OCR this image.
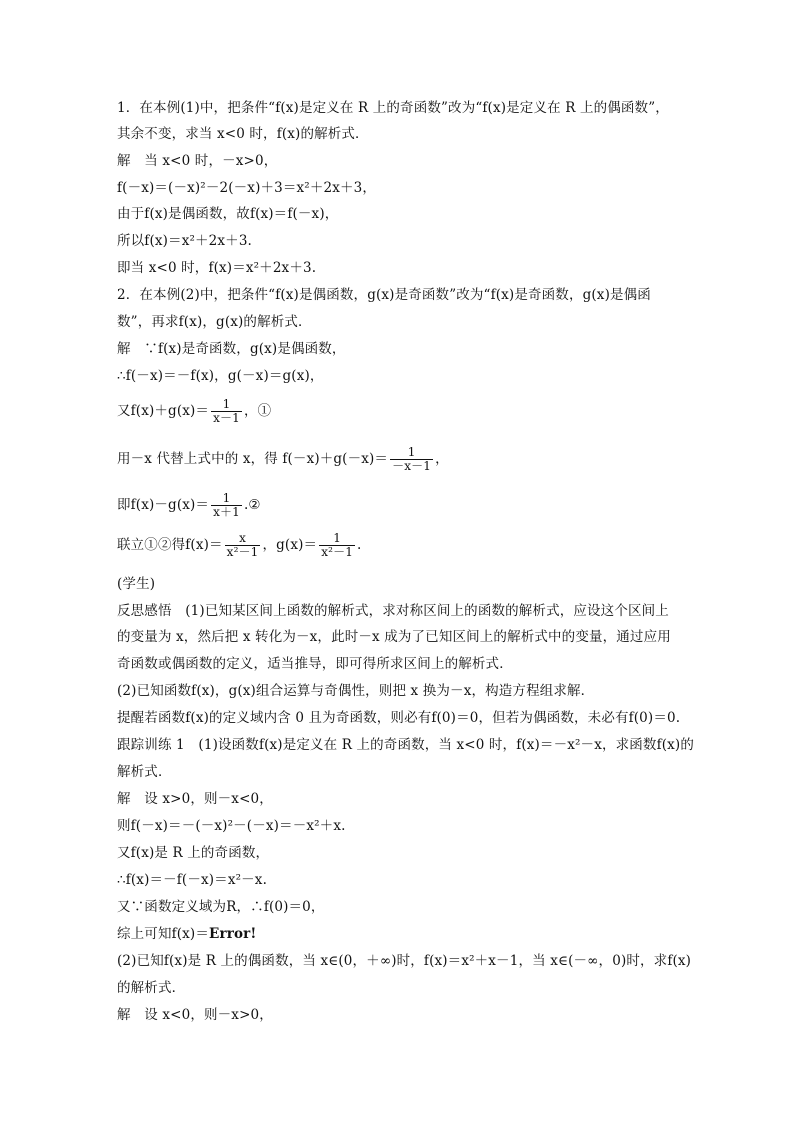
1．在本例(1)中，把条件“f(x)是定义在 R 上的奇函数”改为“f(x)是定义在 R 上的偶函数”，
其余不变，求当 x<0 时，f(x)的解析式．
解　当 x<0 时，－x>0，
f(－x)＝(－x)²－2(－x)＋3＝x²＋2x＋3，
由于f(x)是偶函数，故f(x)＝f(－x)，
所以f(x)＝x²＋2x＋3.
即当 x<0 时，f(x)＝x²＋2x＋3.
2．在本例(2)中，把条件“f(x)是偶函数，g(x)是奇函数”改为“f(x)是奇函数，g(x)是偶函
数”，再求f(x)，g(x)的解析式．
解　∵f(x)是奇函数，g(x)是偶函数，
∴f(－x)＝－f(x)，g(－x)＝g(x)，
又$f(x)+g(x)= \frac{1}{x-1}$ ，①
用－x 代替上式中的 x，得 $f(-x)+g(-x)= \frac{1}{-x-1}$ ，
即$f(x)-g(x)= \frac{1}{x+1}$ .②
联立①②得$f(x)= \frac{x}{\text{x²－1}}$ ，$g(x)= \frac{1}{\text{x²－1}}$ .
(学生)
反思感悟　(1)已知某区间上函数的解析式，求对称区间上的函数的解析式，应设这个区间上
的变量为 x，然后把 x 转化为－x，此时－x 成为了已知区间上的解析式中的变量，通过应用
奇函数或偶函数的定义，适当推导，即可得所求区间上的解析式．
(2)已知函数f(x)，g(x)组合运算与奇偶性，则把 x 换为－x，构造方程组求解．
提醒若函数f(x)的定义域内含 0 且为奇函数，则必有f(0)＝0，但若为偶函数，未必有f(0)＝0.
跟踪训练 1　(1)设函数f(x)是定义在 R 上的奇函数，当 x<0 时，f(x)＝－x²－x，求函数f(x)的
解析式．
解　设 x>0，则－x<0，
则f(－x)＝－(－x)²－(－x)＝－x²＋x.
又f(x)是 R 上的奇函数，
∴f(x)＝－f(－x)＝x²－x.
又∵函数定义域为R，∴f(0)＝0，
综上可知f(x)＝Error!
(2)已知f(x)是 R 上的偶函数，当 x∈(0，＋∞)时，f(x)＝x²＋x－1，当 x∈(－∞，0)时，求f(x)
的解析式．
解　设 x<0，则－x>0，
